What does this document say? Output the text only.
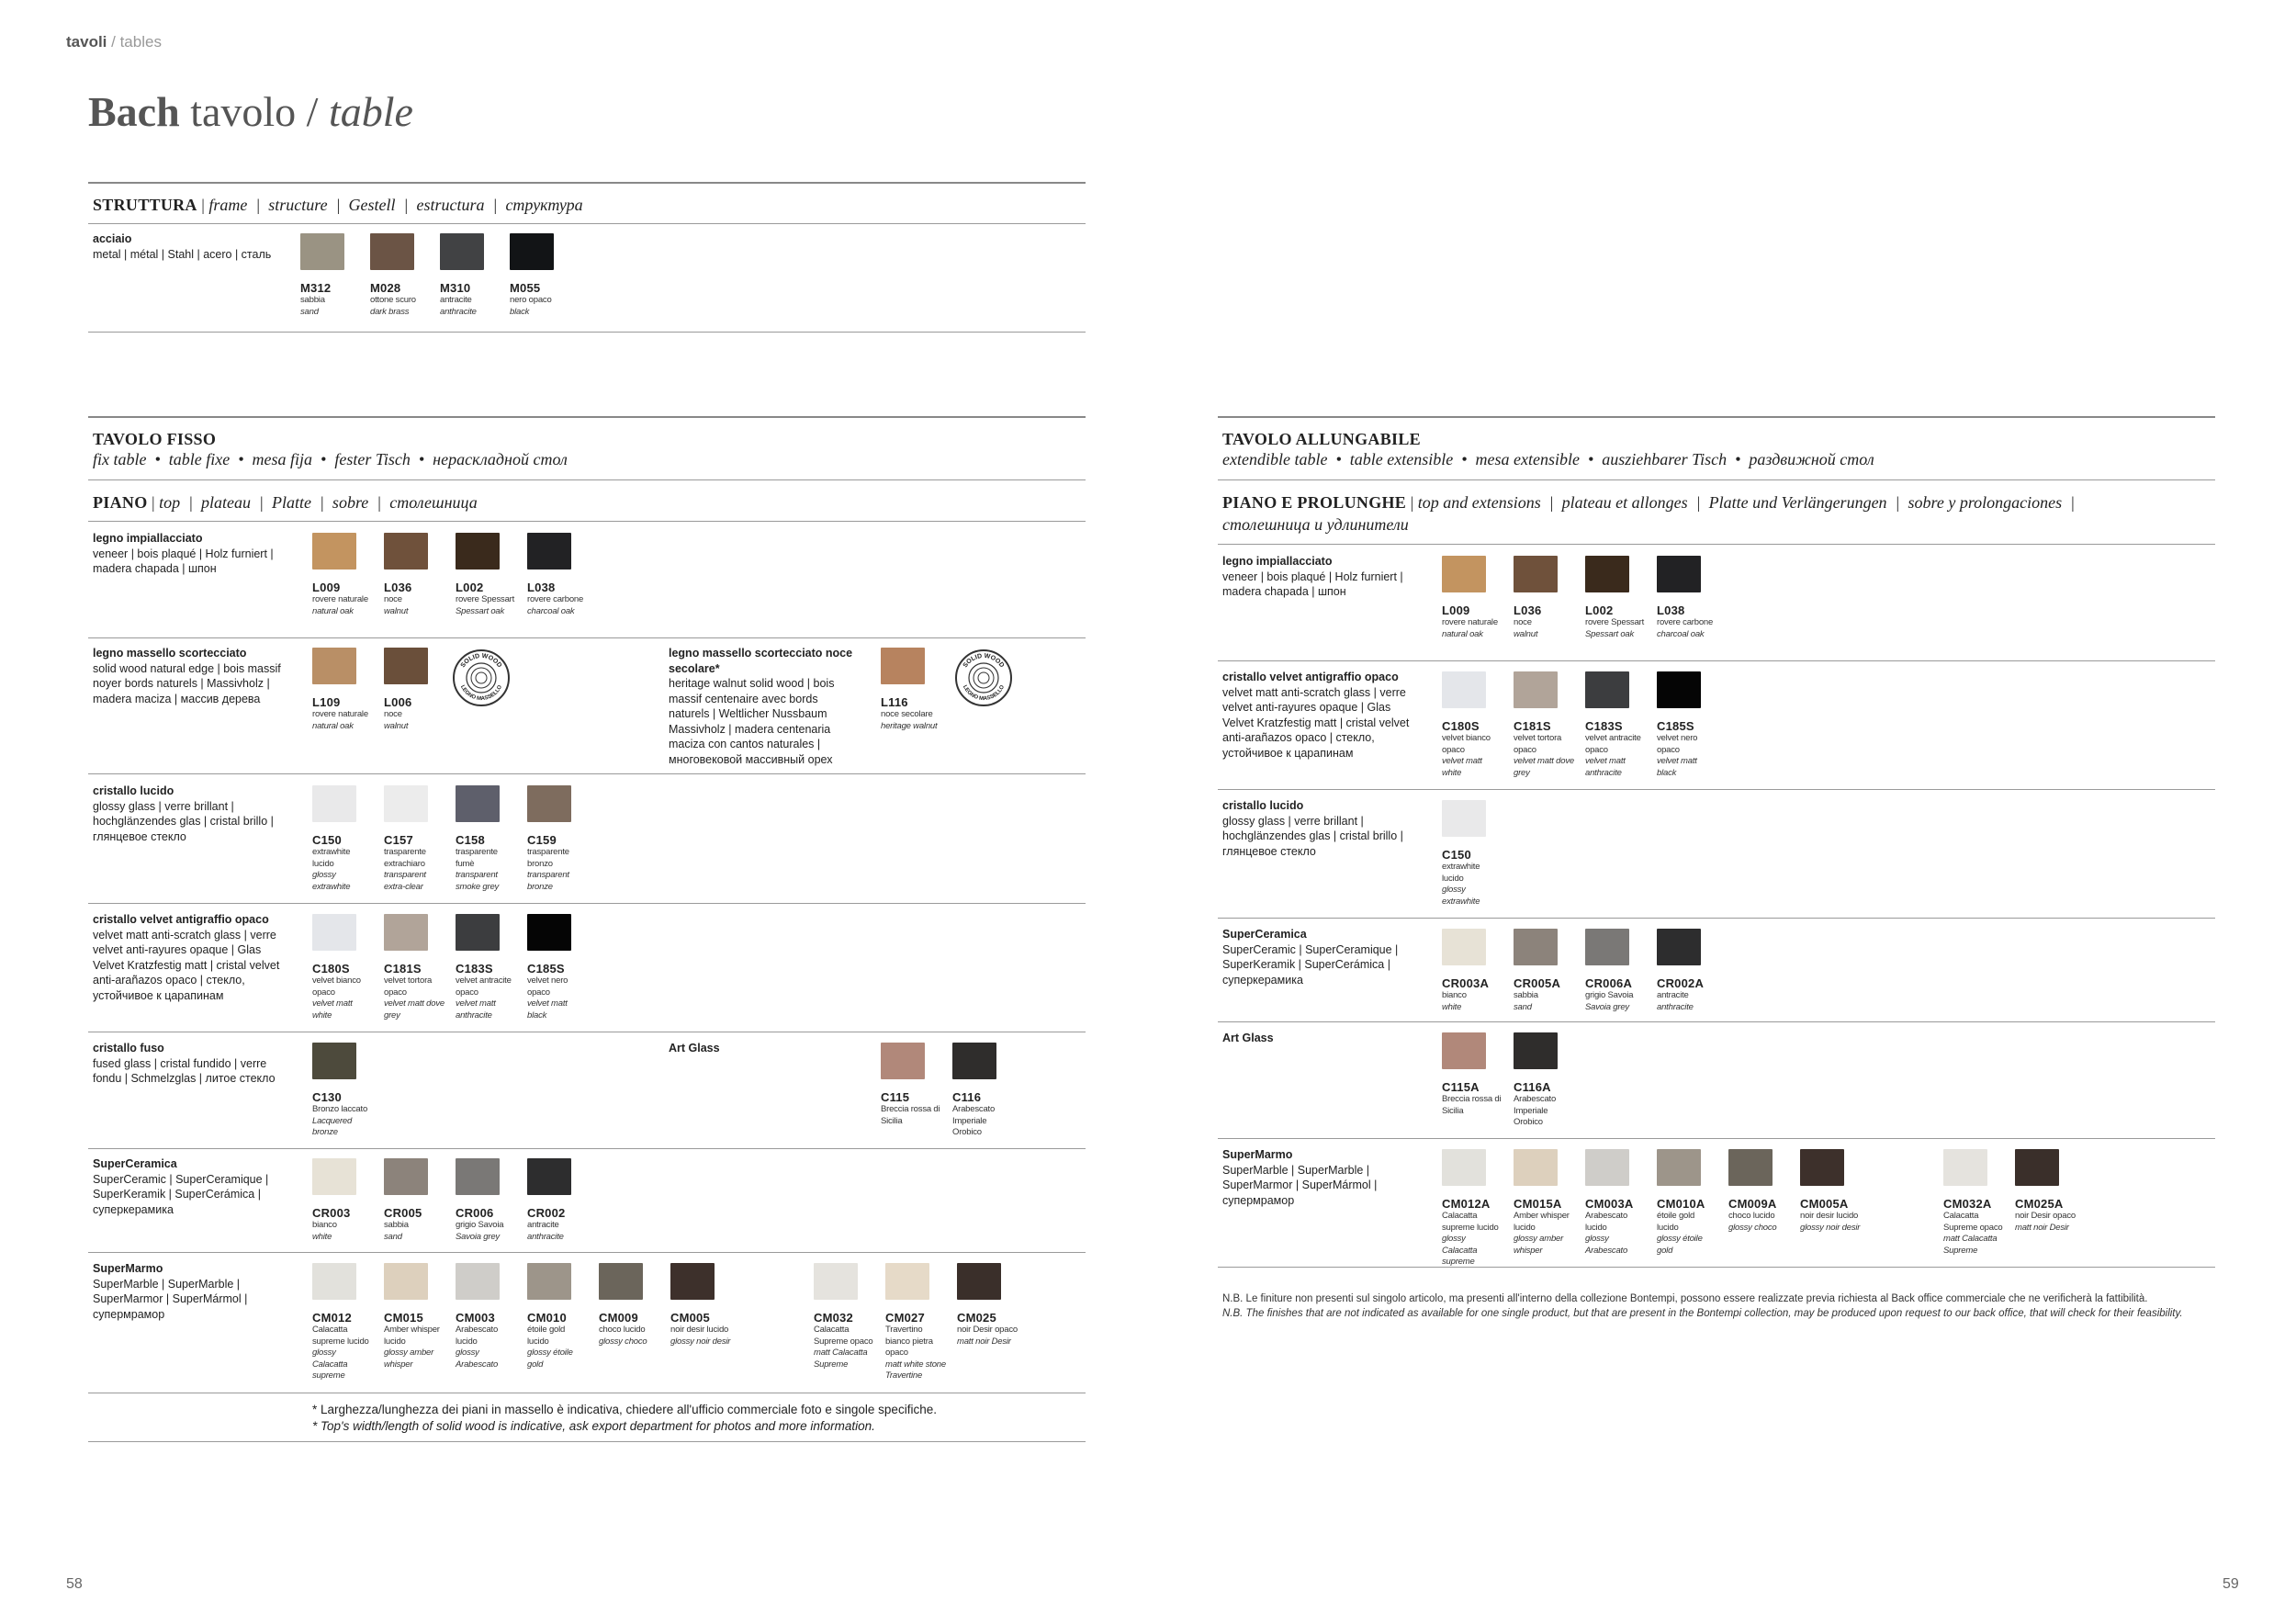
tavoli / tables
Bach tavolo / table
STRUTTURA | frame  |  structure  |  Gestell  |  estructura  |  структура
acciaio
metal | métal | Stahl | acero | сталь
TAVOLO FISSO
fix table  •  table fixe  •  mesa fija  •  fester Tisch  •  нераскладной стол
PIANO | top  |  plateau  |  Platte  |  sobre  |  столешница
legno impiallacciato
veneer | bois plaqué | Holz furniert | madera chapada | шпон
legno massello scortecciato
solid wood natural edge | bois massif noyer bords naturels | Massivholz | madera maciza | массив дерева
SOLID WOOD
LEGNO MASSELLO
legno massello scortecciato noce secolare*
heritage walnut solid wood | bois massif centenaire avec bords naturels | Weltlicher Nussbaum Massivholz | madera centenaria maciza con cantos naturales | многовековой массивный орех
SOLID WOOD
LEGNO MASSELLO
cristallo lucido
glossy glass | verre brillant | hochglänzendes glas | cristal brillo | глянцевое стекло
cristallo velvet antigraffio opaco
velvet matt anti-scratch glass | verre velvet anti-rayures opaque | Glas Velvet Kratzfestig matt | cristal velvet anti-arañazos opaco | стекло, устойчивое к царапинам
cristallo fuso
fused glass | cristal fundido | verre fondu | Schmelzglas | литое стекло
Art Glass
SuperCeramica
SuperCeramic | SuperCeramique | SuperKeramik | SuperCerámica | суперкерамика
SuperMarmo
SuperMarble | SuperMarble | SuperMarmor | SuperMármol | супермрамор
* Larghezza/lunghezza dei piani in massello è indicativa, chiedere all'ufficio commerciale foto e singole specifiche.
* Top's width/length of solid wood is indicative, ask export department for photos and more information.
TAVOLO ALLUNGABILE
extendible table  •  table extensible  •  mesa extensible  •  ausziehbarer Tisch  •  раздвижной стол
PIANO E PROLUNGHE | top and extensions  |  plateau et allonges  |  Platte und Verlängerungen  |  sobre y prolongaciones  |
столешница и удлинители
legno impiallacciato
veneer | bois plaqué | Holz furniert | madera chapada | шпон
cristallo velvet antigraffio opaco
velvet matt anti-scratch glass | verre velvet anti-rayures opaque | Glas Velvet Kratzfestig matt | cristal velvet anti-arañazos opaco | стекло, устойчивое к царапинам
cristallo lucido
glossy glass | verre brillant | hochglänzendes glas | cristal brillo | глянцевое стекло
SuperCeramica
SuperCeramic | SuperCeramique | SuperKeramik | SuperCerámica | суперкерамика
Art Glass
SuperMarmo
SuperMarble | SuperMarble | SuperMarmor | SuperMármol | супермрамор
N.B. Le finiture non presenti sul singolo articolo, ma presenti all'interno della collezione Bontempi, possono essere realizzate previa richiesta al Back office commerciale che ne verificherà la fattibilità.
N.B. The finishes that are not indicated as available for one single product, but that are present in the Bontempi collection, may be produced upon request to our back office, that will check for their feasibility.
58	59
M312
sabbia
sand
M028
ottone scuro
dark brass
M310
antracite
anthracite
M055
nero opaco
black
L009
rovere naturale
natural oak
L036
noce
walnut
L002
rovere Spessart
Spessart oak
L038
rovere carbone
charcoal oak
L109
rovere naturale
natural oak
L006
noce
walnut
C150
extrawhite lucido
glossy extrawhite
C157
trasparente extrachiaro
transparent extra-clear
C158
trasparente fumè
transparent smoke grey
C159
trasparente bronzo
transparent bronze
C180S
velvet bianco opaco
velvet matt white
C181S
velvet tortora opaco
velvet matt dove grey
C183S
velvet antracite opaco
velvet matt anthracite
C185S
velvet nero opaco
velvet matt black
C115
Breccia rossa di Sicilia
C116
Arabescato Imperiale Orobico
CR003
bianco
white
CR005
sabbia
sand
CR006
grigio Savoia
Savoia grey
CR002
antracite
anthracite
CM012
Calacatta supreme lucido
glossy Calacatta supreme
CM015
Amber whisper lucido
glossy amber whisper
CM003
Arabescato lucido
glossy Arabescato
CM010
étoile gold lucido
glossy étoile gold
CM009
choco lucido
glossy choco
CM005
noir desir lucido
glossy noir desir
CM032
Calacatta Supreme opaco
matt Calacatta Supreme
CM027
Travertino bianco pietra opaco
matt white stone Travertine
CM025
noir Desir opaco
matt noir Desir
L009
rovere naturale
natural oak
L036
noce
walnut
L002
rovere Spessart
Spessart oak
L038
rovere carbone
charcoal oak
C180S
velvet bianco opaco
velvet matt white
C181S
velvet tortora opaco
velvet matt dove grey
C183S
velvet antracite opaco
velvet matt anthracite
C185S
velvet nero opaco
velvet matt black
CR003A
bianco
white
CR005A
sabbia
sand
CR006A
grigio Savoia
Savoia grey
CR002A
antracite
anthracite
C115A
Breccia rossa di Sicilia
C116A
Arabescato Imperiale Orobico
CM012A
Calacatta supreme lucido
glossy Calacatta supreme
CM015A
Amber whisper lucido
glossy amber whisper
CM003A
Arabescato lucido
glossy Arabescato
CM010A
étoile gold lucido
glossy étoile gold
CM009A
choco lucido
glossy choco
CM005A
noir desir lucido
glossy noir desir
CM032A
Calacatta Supreme opaco
matt Calacatta Supreme
CM025A
noir Desir opaco
matt noir Desir
L116
noce secolare
heritage walnut
C130
Bronzo laccato
Lacquered bronze
C150
extrawhite lucido
glossy extrawhite
